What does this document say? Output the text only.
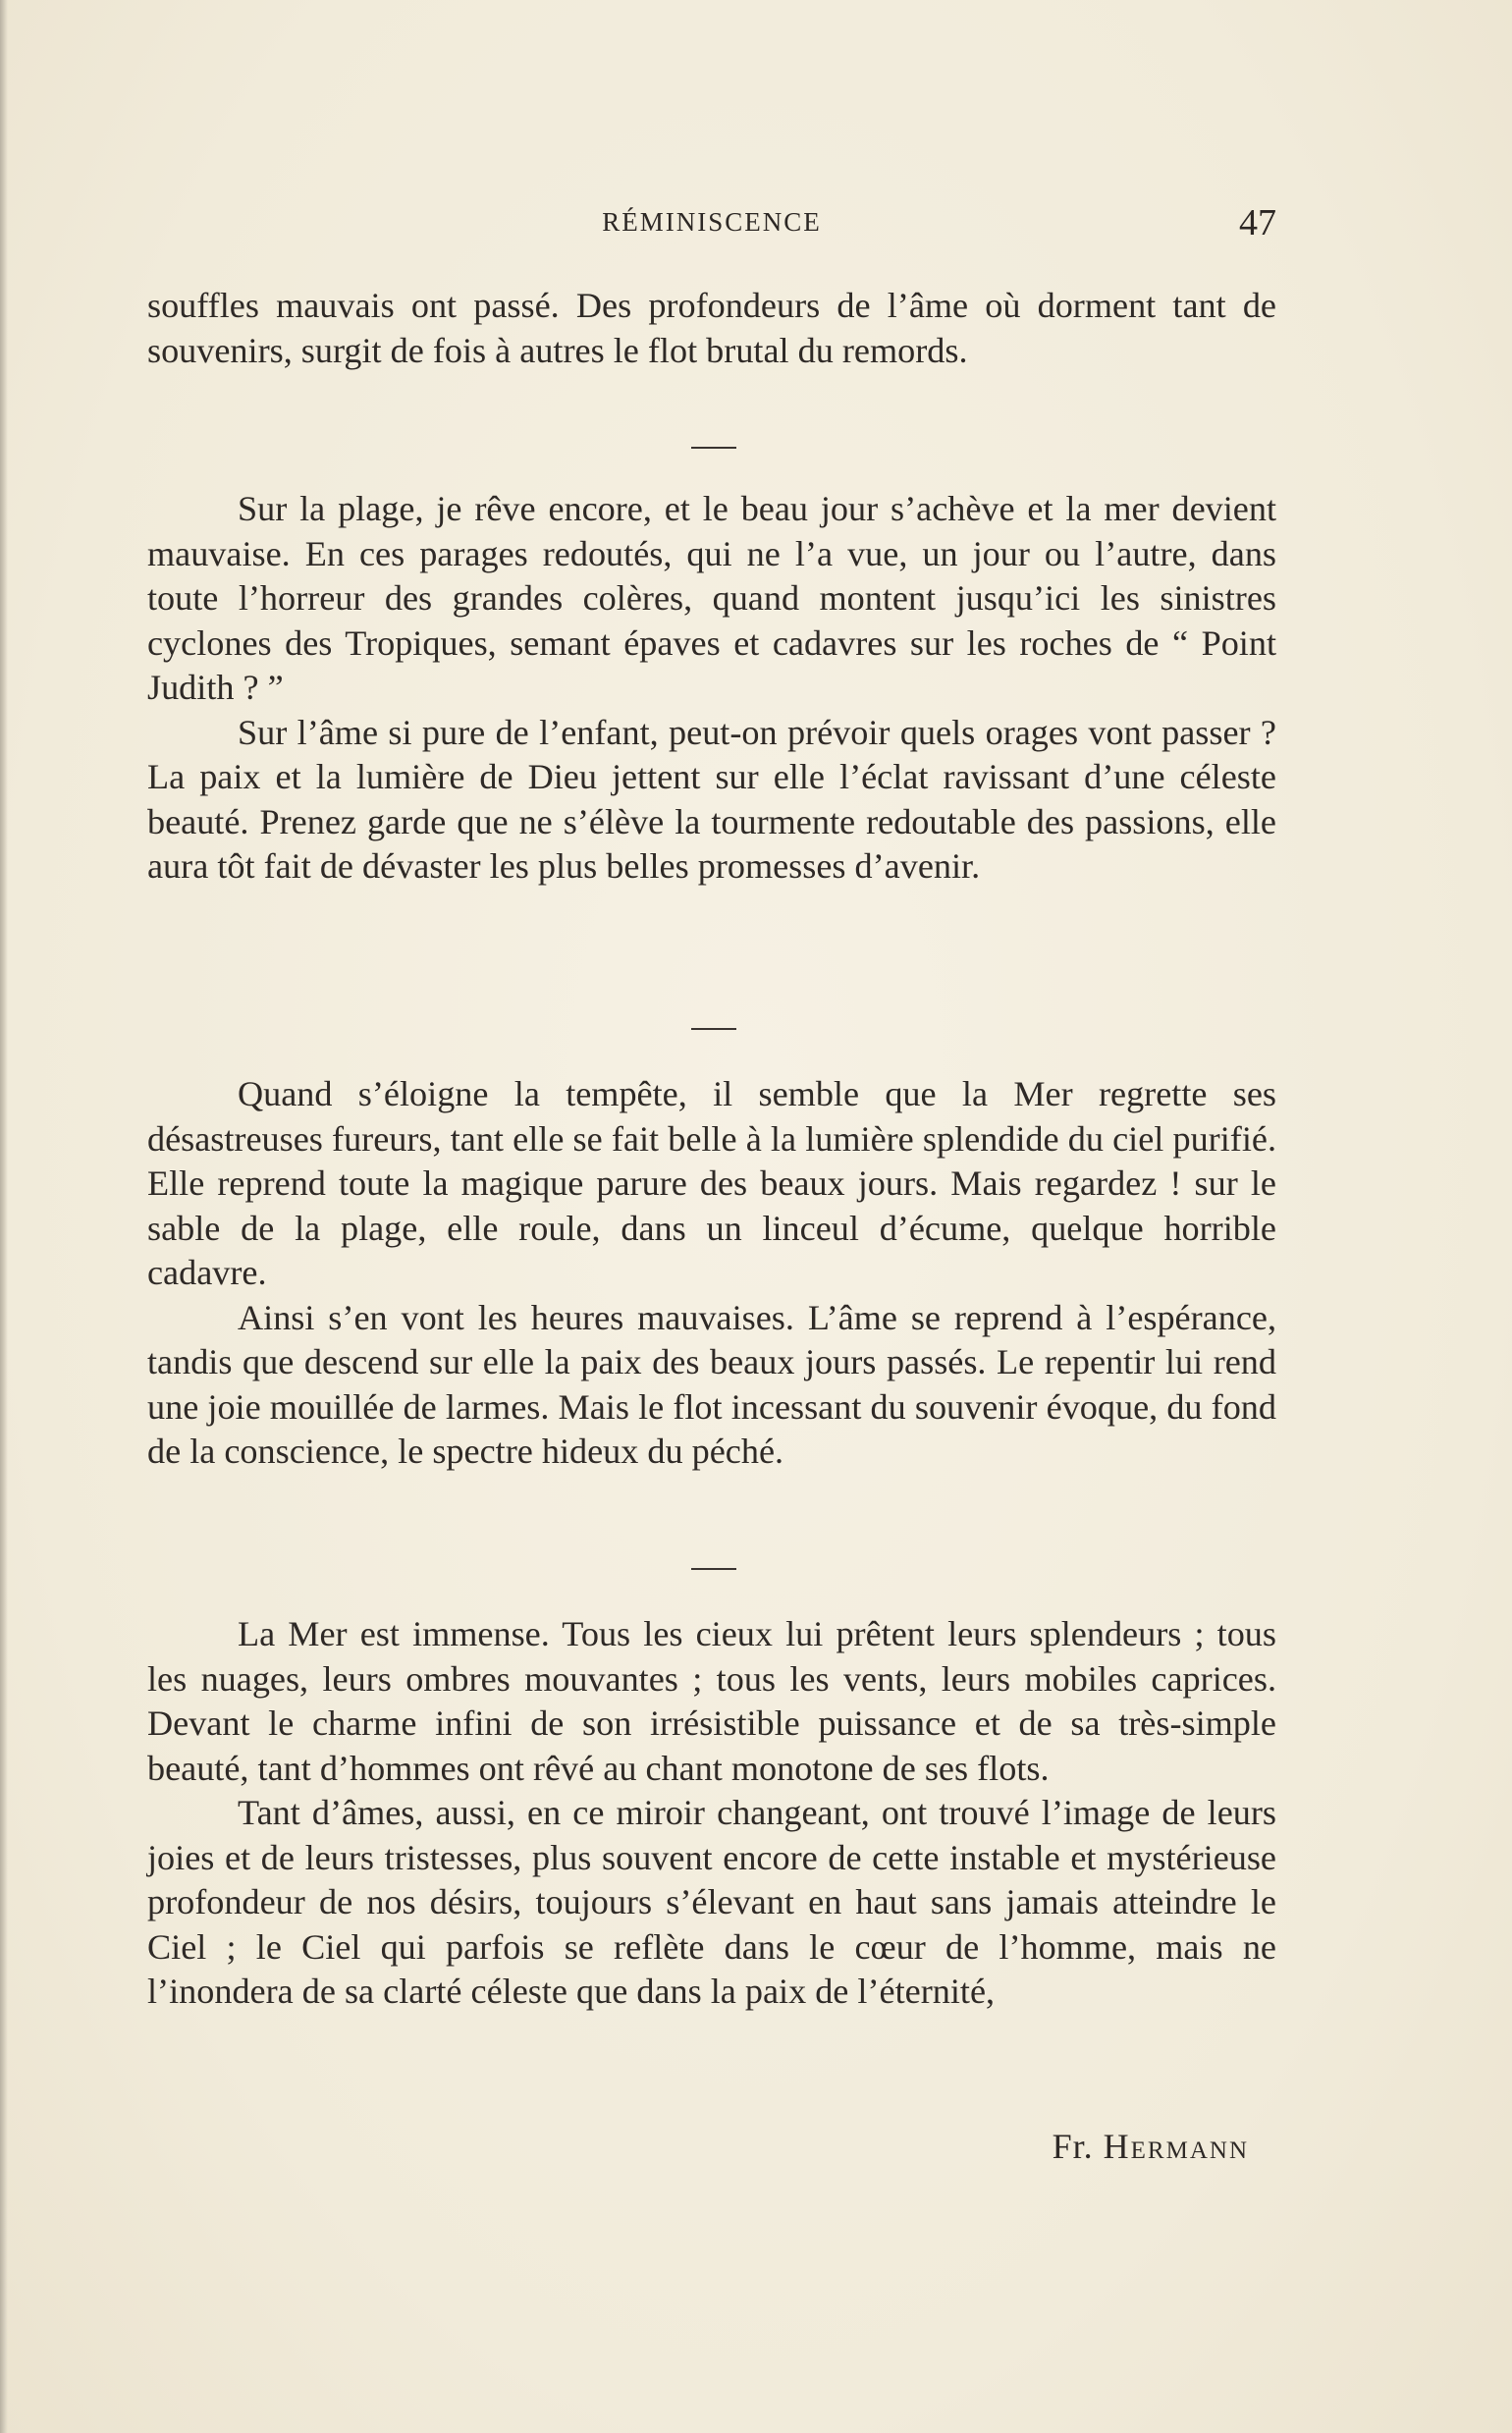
RÉMINISCENCE	47

souffles mauvais ont passé. Des profondeurs de l’âme où dorment tant de souvenirs, surgit de fois à autres le flot brutal du remords.

Sur la plage, je rêve encore, et le beau jour s’achève et la mer devient mauvaise. En ces parages redoutés, qui ne l’a vue, un jour ou l’autre, dans toute l’horreur des grandes colères, quand montent jusqu’ici les sinistres cyclones des Tropiques, semant épaves et cadavres sur les roches de “ Point Judith ? ”

Sur l’âme si pure de l’enfant, peut-on prévoir quels orages vont passer ? La paix et la lumière de Dieu jettent sur elle l’éclat ravissant d’une céleste beauté. Prenez garde que ne s’élève la tourmente redoutable des passions, elle aura tôt fait de dévaster les plus belles promesses d’avenir.

Quand s’éloigne la tempête, il semble que la Mer regrette ses désastreuses fureurs, tant elle se fait belle à la lumière splendide du ciel purifié. Elle reprend toute la magique parure des beaux jours. Mais regardez ! sur le sable de la plage, elle roule, dans un linceul d’écume, quelque horrible cadavre.

Ainsi s’en vont les heures mauvaises. L’âme se reprend à l’espérance, tandis que descend sur elle la paix des beaux jours passés. Le repentir lui rend une joie mouillée de larmes. Mais le flot incessant du souvenir évoque, du fond de la conscience, le spectre hideux du péché.

La Mer est immense. Tous les cieux lui prêtent leurs splendeurs ; tous les nuages, leurs ombres mouvantes ; tous les vents, leurs mobiles caprices. Devant le charme infini de son irrésistible puissance et de sa très-simple beauté, tant d’hommes ont rêvé au chant monotone de ses flots.

Tant d’âmes, aussi, en ce miroir changeant, ont trouvé l’image de leurs joies et de leurs tristesses, plus souvent encore de cette instable et mystérieuse profondeur de nos désirs, toujours s’élevant en haut sans jamais atteindre le Ciel ; le Ciel qui parfois se reflète dans le cœur de l’homme, mais ne l’inondera de sa clarté céleste que dans la paix de l’éternité,

Fr. Hermann
